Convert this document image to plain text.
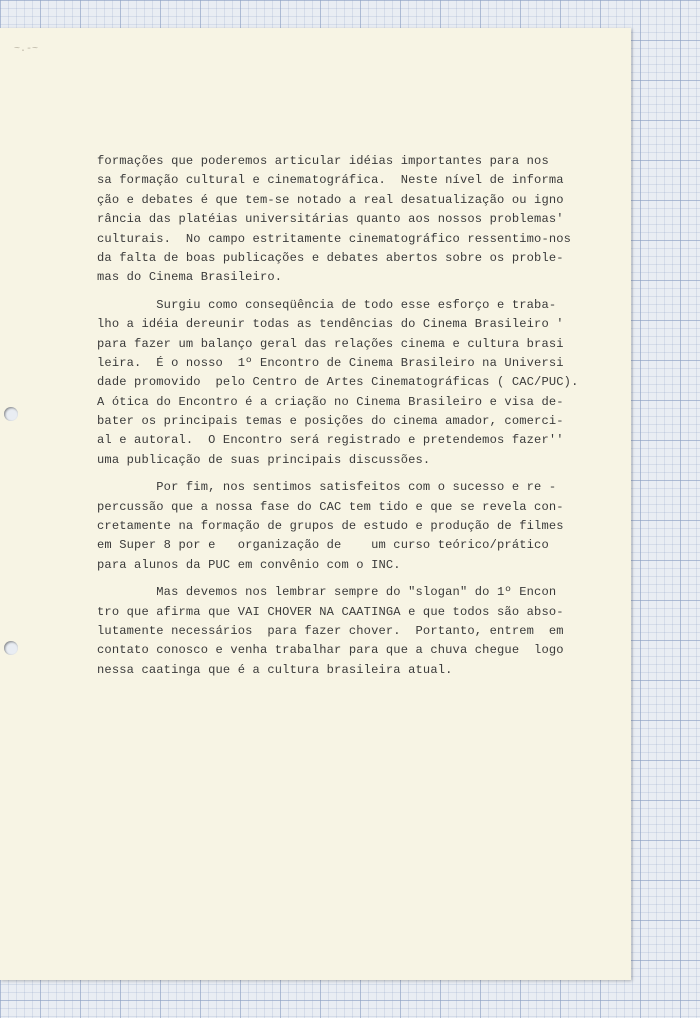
~.-~
formações que poderemos articular idéias importantes para nos
sa formação cultural e cinematográfica.  Neste nível de informa
ção e debates é que tem-se notado a real desatualização ou igno
rância das platéias universitárias quanto aos nossos problemas'
culturais.  No campo estritamente cinematográfico ressentimo-nos
da falta de boas publicações e debates abertos sobre os proble-
mas do Cinema Brasileiro.
Surgiu como conseqüência de todo esse esforço e traba-
lho a idéia dereunir todas as tendências do Cinema Brasileiro '
para fazer um balanço geral das relações cinema e cultura brasi
leira.  É o nosso  1º Encontro de Cinema Brasileiro na Universi
dade promovido  pelo Centro de Artes Cinematográficas ( CAC/PUC).
A ótica do Encontro é a criação no Cinema Brasileiro e visa de-
bater os principais temas e posições do cinema amador, comerci-
al e autoral.  O Encontro será registrado e pretendemos fazer''
uma publicação de suas principais discussões.
Por fim, nos sentimos satisfeitos com o sucesso e re -
percussão que a nossa fase do CAC tem tido e que se revela con-
cretamente na formação de grupos de estudo e produção de filmes
em Super 8 por e   organização de    um curso teórico/prático
para alunos da PUC em convênio com o INC.
Mas devemos nos lembrar sempre do "slogan" do 1º Encon
tro que afirma que VAI CHOVER NA CAATINGA e que todos são abso-
lutamente necessários  para fazer chover.  Portanto, entrem  em
contato conosco e venha trabalhar para que a chuva chegue  logo
nessa caatinga que é a cultura brasileira atual.
